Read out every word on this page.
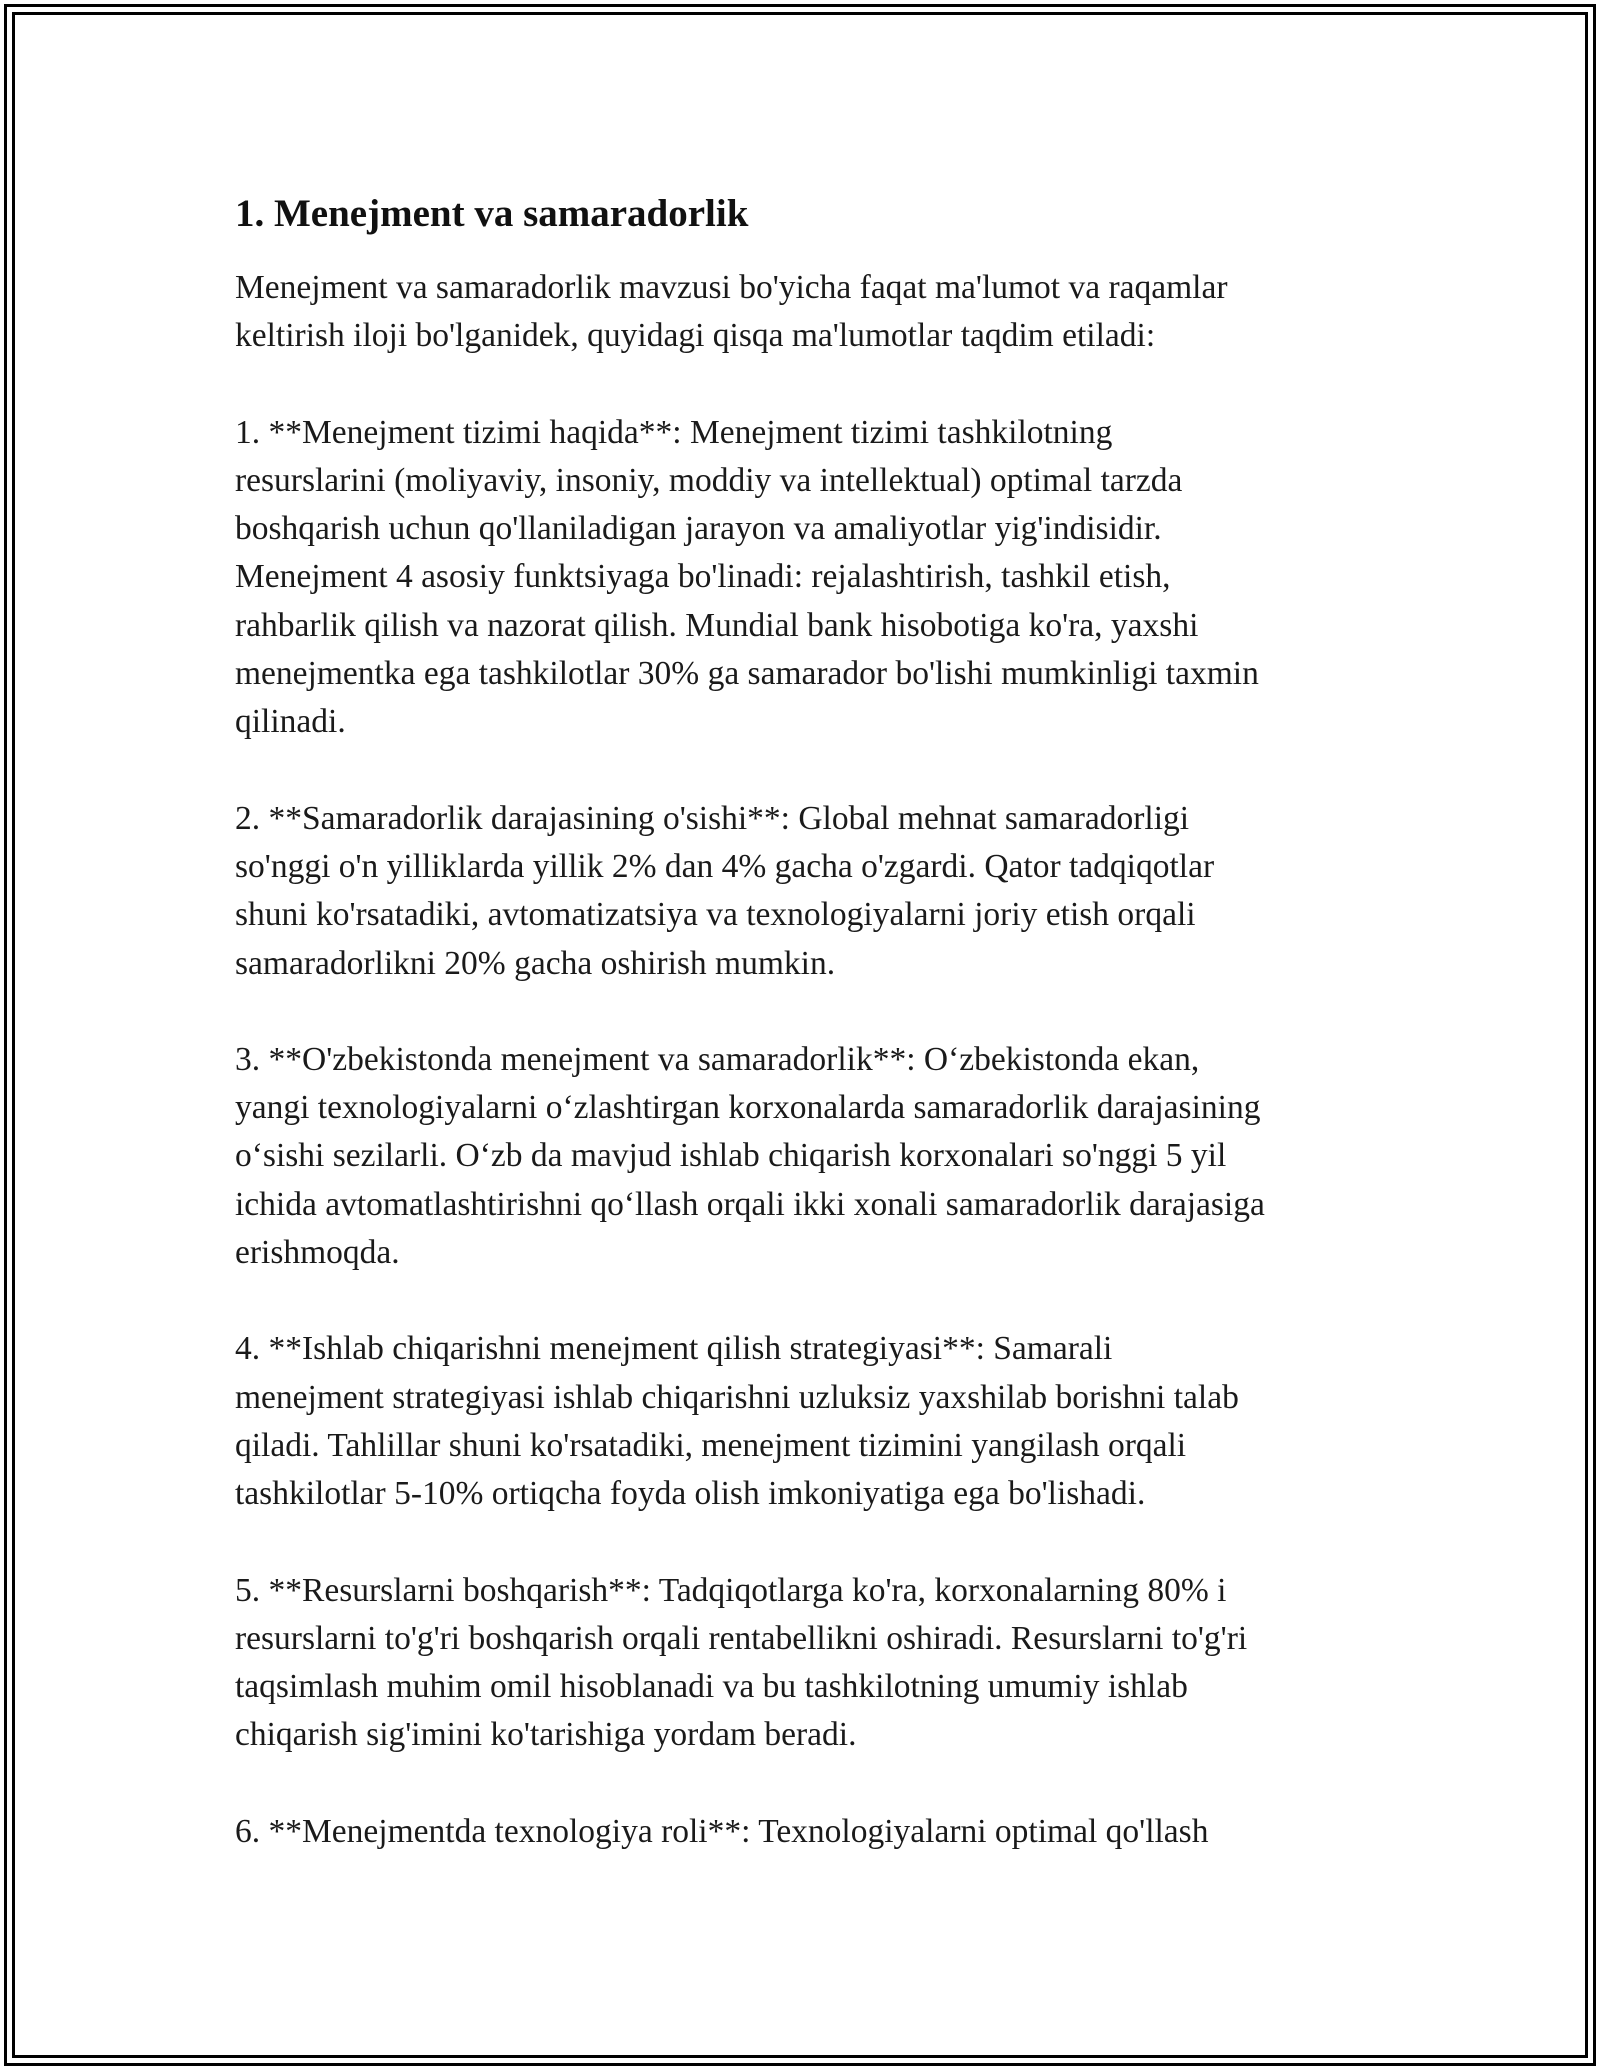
1. Menejment va samaradorlik

Menejment va samaradorlik mavzusi bo'yicha faqat ma'lumot va raqamlar
keltirish iloji bo'lganidek, quyidagi qisqa ma'lumotlar taqdim etiladi:

1. **Menejment tizimi haqida**: Menejment tizimi tashkilotning
resurslarini (moliyaviy, insoniy, moddiy va intellektual) optimal tarzda
boshqarish uchun qo'llaniladigan jarayon va amaliyotlar yig'indisidir.
Menejment 4 asosiy funktsiyaga bo'linadi: rejalashtirish, tashkil etish,
rahbarlik qilish va nazorat qilish. Mundial bank hisobotiga ko'ra, yaxshi
menejmentka ega tashkilotlar 30% ga samarador bo'lishi mumkinligi taxmin
qilinadi.

2. **Samaradorlik darajasining o'sishi**: Global mehnat samaradorligi
so'nggi o'n yilliklarda yillik 2% dan 4% gacha o'zgardi. Qator tadqiqotlar
shuni ko'rsatadiki, avtomatizatsiya va texnologiyalarni joriy etish orqali
samaradorlikni 20% gacha oshirish mumkin.

3. **O'zbekistonda menejment va samaradorlik**: O‘zbekistonda ekan,
yangi texnologiyalarni o‘zlashtirgan korxonalarda samaradorlik darajasining
o‘sishi sezilarli. O‘zb da mavjud ishlab chiqarish korxonalari so'nggi 5 yil
ichida avtomatlashtirishni qo‘llash orqali ikki xonali samaradorlik darajasiga
erishmoqda.

4. **Ishlab chiqarishni menejment qilish strategiyasi**: Samarali
menejment strategiyasi ishlab chiqarishni uzluksiz yaxshilab borishni talab
qiladi. Tahlillar shuni ko'rsatadiki, menejment tizimini yangilash orqali
tashkilotlar 5-10% ortiqcha foyda olish imkoniyatiga ega bo'lishadi.

5. **Resurslarni boshqarish**: Tadqiqotlarga ko'ra, korxonalarning 80% i
resurslarni to'g'ri boshqarish orqali rentabellikni oshiradi. Resurslarni to'g'ri
taqsimlash muhim omil hisoblanadi va bu tashkilotning umumiy ishlab
chiqarish sig'imini ko'tarishiga yordam beradi.

6. **Menejmentda texnologiya roli**: Texnologiyalarni optimal qo'llash
